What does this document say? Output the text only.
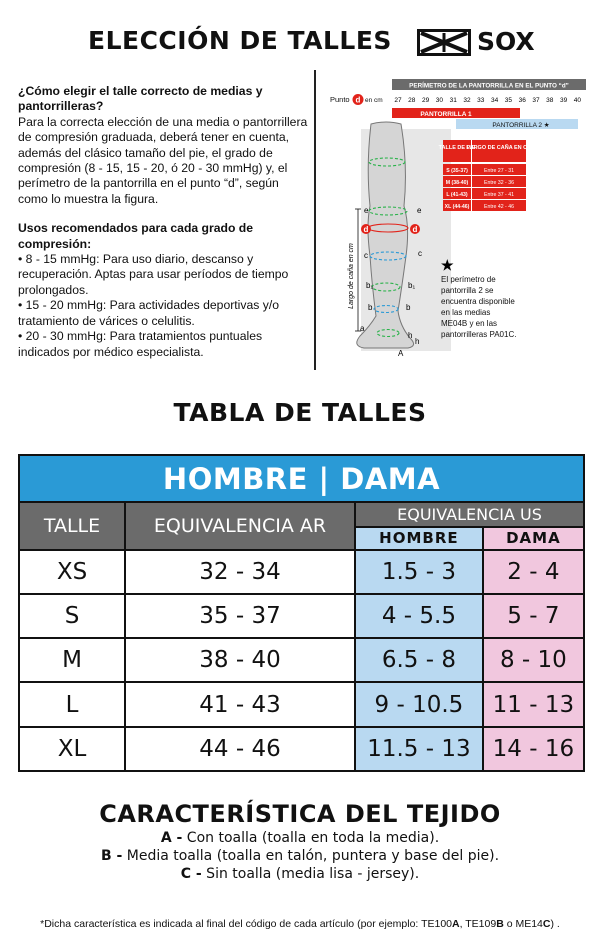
ELECCIÓN DE TALLES	SOX

¿Cómo elegir el talle correcto de medias y pantorrilleras?

Para la correcta elección de una media o pantorrillera de compresión graduada, deberá tener en cuenta, además del clásico tamaño del pie, el grado de compresión (8 - 15, 15 - 20, ó 20 - 30 mmHg) y, el perímetro de la pantorrilla en el punto “d”, según como lo muestra la figura.

Usos recomendados para cada grado de compresión:

• 8 - 15 mmHg: Para uso diario, descanso y recuperación. Aptas para usar períodos de tiempo prolongados.

• 15 - 20 mmHg: Para actividades deportivas y/o tratamiento de várices o celulitis.

• 20 - 30 mmHg: Para tratamientos puntuales indicados por médico especialista.

PERÍMETRO DE LA PANTORRILLA EN EL PUNTO “d”
Punto d en cm 27 28 29 30 31 32 33 34 35 36 37 38 39 40
PANTORRILLA 1
PANTORRILLA 2 ★
TALLE DE PIE
LARGO DE CAÑA EN CM
S (35-37)	Entre 27 - 31
M (38-40)	Entre 32 - 36
L (41-43)	Entre 37 - 41
XL (44-46)	Entre 42 - 46
Largo de caña en cm
e	e
d	d
c	c
b₁	b₁
b	b
a
h
h
A
★
El perímetro de pantorrilla 2 se encuentra disponible en las medias ME04B y en las pantorrilleras PA01C.
TABLA DE TALLES
HOMBRE | DAMA			
TALLE	EQUIVALENCIA AR	EQUIVALENCIA US	
		HOMBRE	DAMA
XS	32 - 34	1.5 - 3	2 - 4
S	35 - 37	4 - 5.5	5 - 7
M	38 - 40	6.5 - 8	8 - 10
L	41 - 43	9 - 10.5	11 - 13
XL	44 - 46	11.5 - 13	14 - 16
CARACTERÍSTICA DEL TEJIDO
A - Con toalla (toalla en toda la media).
B - Media toalla (toalla en talón, puntera y base del pie).
C - Sin toalla (media lisa - jersey).
*Dicha característica es indicada al final del código de cada artículo (por ejemplo: TE100A, TE109B o ME14C) .
